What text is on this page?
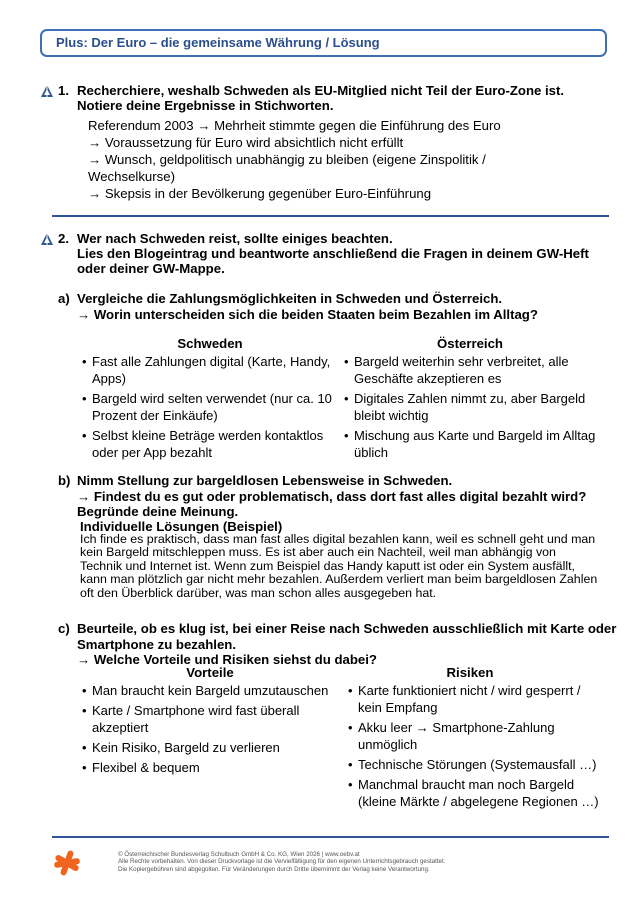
Plus: Der Euro – die gemeinsame Währung / Lösung
1. Recherchiere, weshalb Schweden als EU-Mitglied nicht Teil der Euro-Zone ist.
Notiere deine Ergebnisse in Stichworten.
Referendum 2003 → Mehrheit stimmte gegen die Einführung des Euro
→ Voraussetzung für Euro wird absichtlich nicht erfüllt
→ Wunsch, geldpolitisch unabhängig zu bleiben (eigene Zinspolitik /
Wechselkurse)
→ Skepsis in der Bevölkerung gegenüber Euro-Einführung
2. Wer nach Schweden reist, sollte einiges beachten.
Lies den Blogeintrag und beantworte anschließend die Fragen in deinem GW-Heft
oder deiner GW-Mappe.
a) Vergleiche die Zahlungsmöglichkeiten in Schweden und Österreich.
→ Worin unterscheiden sich die beiden Staaten beim Bezahlen im Alltag?
Schweden	Österreich
• Fast alle Zahlungen digital (Karte, Handy, Apps)
• Bargeld wird selten verwendet (nur ca. 10 Prozent der Einkäufe)
• Selbst kleine Beträge werden kontaktlos oder per App bezahlt
• Bargeld weiterhin sehr verbreitet, alle Geschäfte akzeptieren es
• Digitales Zahlen nimmt zu, aber Bargeld bleibt wichtig
• Mischung aus Karte und Bargeld im Alltag üblich
b) Nimm Stellung zur bargeldlosen Lebensweise in Schweden.
→ Findest du es gut oder problematisch, dass dort fast alles digital bezahlt wird?
Begründe deine Meinung.
Individuelle Lösungen (Beispiel)
Ich finde es praktisch, dass man fast alles digital bezahlen kann, weil es schnell geht und man kein Bargeld mitschleppen muss. Es ist aber auch ein Nachteil, weil man abhängig von Technik und Internet ist. Wenn zum Beispiel das Handy kaputt ist oder ein System ausfällt, kann man plötzlich gar nicht mehr bezahlen. Außerdem verliert man beim bargeldlosen Zahlen oft den Überblick darüber, was man schon alles ausgegeben hat.
c) Beurteile, ob es klug ist, bei einer Reise nach Schweden ausschließlich mit Karte oder
Smartphone zu bezahlen.
→ Welche Vorteile und Risiken siehst du dabei?
Vorteile	Risiken
• Man braucht kein Bargeld umzutauschen
• Karte / Smartphone wird fast überall akzeptiert
• Kein Risiko, Bargeld zu verlieren
• Flexibel & bequem
• Karte funktioniert nicht / wird gesperrt / kein Empfang
• Akku leer → Smartphone-Zahlung unmöglich
• Technische Störungen (Systemausfall …)
• Manchmal braucht man noch Bargeld (kleine Märkte / abgelegene Regionen …)
© Österreichischer Bundesverlag Schulbuch GmbH & Co. KG, Wien 2026 | www.oebv.at
Alle Rechte vorbehalten. Von dieser Druckvorlage ist die Vervielfältigung für den eigenen Unterrichtsgebrauch gestattet.
Die Kopiergebühren sind abgegolten. Für Veränderungen durch Dritte übernimmt der Verlag keine Verantwortung.
